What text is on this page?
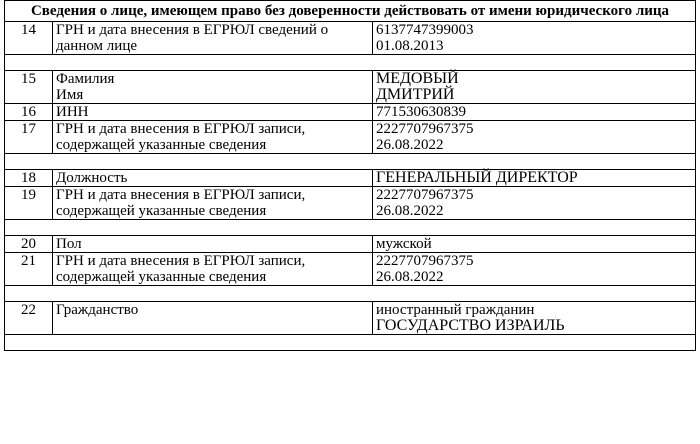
Сведения о лице, имеющем право без доверенности действовать от имени юридического лица		
14	ГРН и дата внесения в ЕГРЮЛ сведений о
данном лице	6137747399003
01.08.2013

15	Фамилия
Имя	МЕДОВЫЙ
ДМИТРИЙ

16	ИНН	771530630839

17	ГРН и дата внесения в ЕГРЮЛ записи,
содержащей указанные сведения	2227707967375
26.08.2022

18	Должность	ГЕНЕРАЛЬНЫЙ ДИРЕКТОР

19	ГРН и дата внесения в ЕГРЮЛ записи,
содержащей указанные сведения	2227707967375
26.08.2022

20	Пол	мужской

21	ГРН и дата внесения в ЕГРЮЛ записи,
содержащей указанные сведения	2227707967375
26.08.2022

22	Гражданство	иностранный гражданин
ГОСУДАРСТВО ИЗРАИЛЬ
